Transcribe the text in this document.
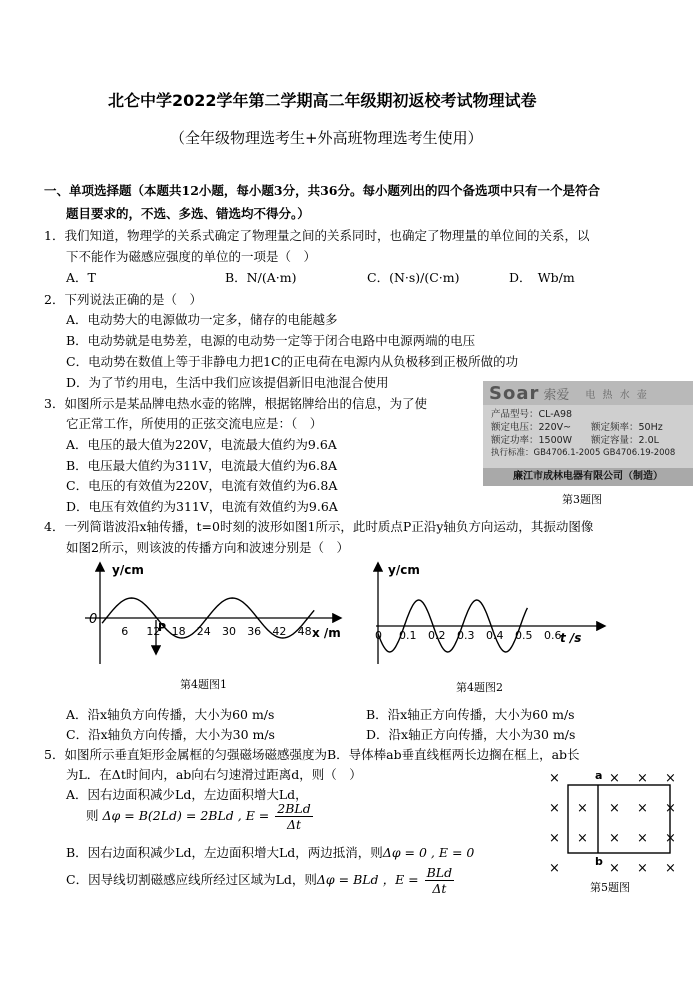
北仑中学2022学年第二学期高二年级期初返校考试物理试卷
（全年级物理选考生+外高班物理选考生使用）
一、单项选择题（本题共12小题，每小题3分，共36分。每小题列出的四个备选项中只有一个是符合
题目要求的，不选、多选、错选均不得分。）
1．我们知道，物理学的关系式确定了物理量之间的关系同时，也确定了物理量的单位间的关系，以
下不能作为磁感应强度的单位的一项是（　）
A．T	B．N/(A·m)	C．(N·s)/(C·m)	D．　Wb/m
2．下列说法正确的是（　）
A．电动势大的电源做功一定多，储存的电能越多
B．电动势就是电势差，电源的电动势一定等于闭合电路中电源两端的电压
C．电动势在数值上等于非静电力把1C的正电荷在电源内从负极移到正极所做的功
D．为了节约用电，生活中我们应该提倡新旧电池混合使用
3．如图所示是某品牌电热水壶的铭牌，根据铭牌给出的信息，为了使
它正常工作，所使用的正弦交流电应是：（　）
A．电压的最大值为220V，电流最大值约为9.6A
B．电压最大值约为311V，电流最大值约为6.8A
C．电压的有效值为220V，电流有效值约为6.8A
D．电压有效值约为311V，电流有效值约为9.6A
Soar 索爱 电 热 水 壶
产品型号：CL-A98
额定电压：220V~	额定频率：50Hz
额定功率：1500W	额定容量：2.0L
执行标准：GB4706.1-2005 GB4706.19-2008
廉江市成林电器有限公司（制造）
第3题图
4．一列简谐波沿x轴传播，t=0时刻的波形如图1所示，此时质点P正沿y轴负方向运动，其振动图像
如图2所示，则该波的传播方向和波速分别是（　）
y/cm
x /m
0
P
6 12 18 24 30 36 42 48
y/cm
t /s
0 0.1 0.2 0.3 0.4 0.5 0.6
第4题图1	第4题图2
A．沿x轴负方向传播，大小为60 m/s	B．沿x轴正方向传播，大小为60 m/s
C．沿x轴负方向传播，大小为30 m/s	D．沿x轴正方向传播，大小为30 m/s
5．如图所示垂直矩形金属框的匀强磁场磁感强度为B．导体棒ab垂直线框两长边搁在框上，ab长
为L．在Δt时间内，ab向右匀速滑过距离d，则（　）
A．因右边面积减少Ld，左边面积增大Ld，
则 Δφ = B(2Ld) = 2BLd , $E = \frac{\text{2BLd}}{\Delta t}$
B．因右边面积减少Ld，左边面积增大Ld，两边抵消，则Δφ = 0 , E = 0
C．因导线切割磁感应线所经过区域为Ld，则Δφ = BLd ，$E = \frac{\text{BLd}}{\Delta t}$
×	× × ×
× × × × ×
× × × × ×
×	× × ×
a
b
第5题图
